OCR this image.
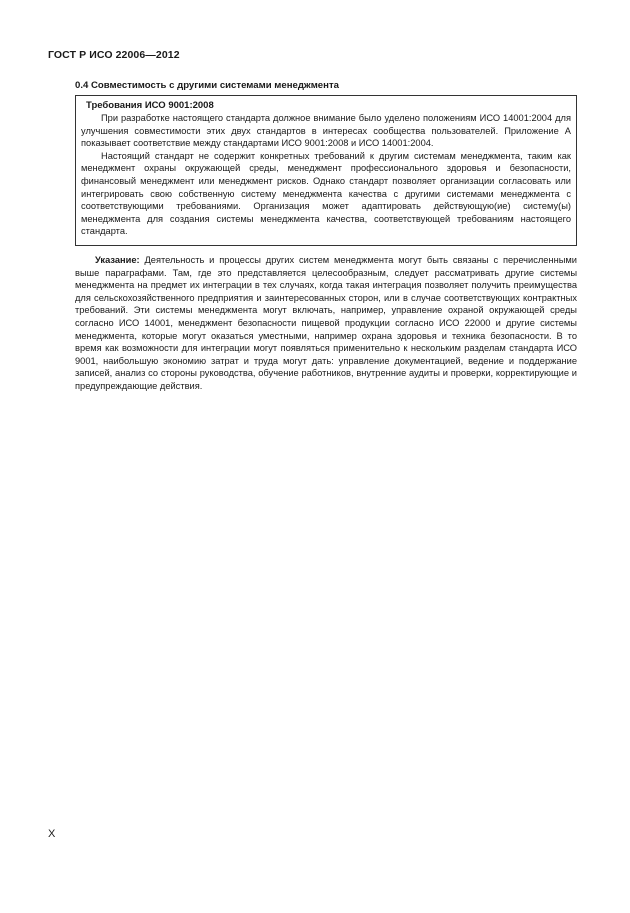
ГОСТ Р ИСО 22006—2012
0.4 Совместимость с другими системами менеджмента
Требования ИСО 9001:2008

При разработке настоящего стандарта должное внимание было уделено положениям ИСО 14001:2004 для улучшения совместимости этих двух стандартов в интересах сообщества пользователей. Приложение А показывает соответствие между стандартами ИСО 9001:2008 и ИСО 14001:2004.

Настоящий стандарт не содержит конкретных требований к другим системам менеджмента, таким как менеджмент охраны окружающей среды, менеджмент профессионального здоровья и безопасности, финансовый менеджмент или менеджмент рисков. Однако стандарт позволяет организации согласовать или интегрировать свою собственную систему менеджмента качества с другими системами менеджмента с соответствующими требованиями. Организация может адаптировать действующую(ие) систему(ы) менеджмента для создания системы менеджмента качества, соответствующей требованиям настоящего стандарта.

Указание: Деятельность и процессы других систем менеджмента могут быть связаны с перечисленными выше параграфами. Там, где это представляется целесообразным, следует рассматривать другие системы менеджмента на предмет их интеграции в тех случаях, когда такая интеграция позволяет получить преимущества для сельскохозяйственного предприятия и заинтересованных сторон, или в случае соответствующих контрактных требований. Эти системы менеджмента могут включать, например, управление охраной окружающей среды согласно ИСО 14001, менеджмент безопасности пищевой продукции согласно ИСО 22000 и другие системы менеджмента, которые могут оказаться уместными, например охрана здоровья и техника безопасности. В то время как возможности для интеграции могут появляться применительно к нескольким разделам стандарта ИСО 9001, наибольшую экономию затрат и труда могут дать: управление документацией, ведение и поддержание записей, анализ со стороны руководства, обучение работников, внутренние аудиты и проверки, корректирующие и предупреждающие действия.

X
